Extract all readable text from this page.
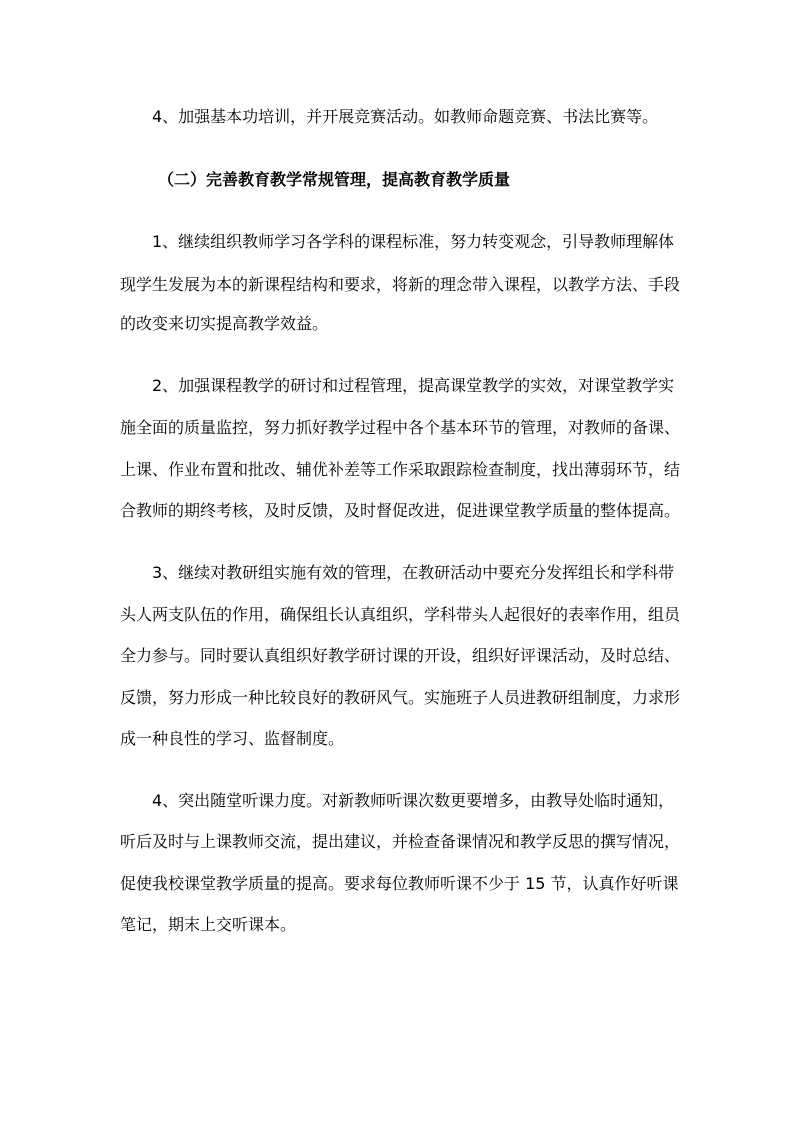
4、加强基本功培训，并开展竞赛活动。如教师命题竞赛、书法比赛等。

（二）完善教育教学常规管理，提高教育教学质量

1、继续组织教师学习各学科的课程标准，努力转变观念，引导教师理解体

现学生发展为本的新课程结构和要求，将新的理念带入课程，以教学方法、手段

的改变来切实提高教学效益。

2、加强课程教学的研讨和过程管理，提高课堂教学的实效，对课堂教学实

施全面的质量监控，努力抓好教学过程中各个基本环节的管理，对教师的备课、

上课、作业布置和批改、辅优补差等工作采取跟踪检查制度，找出薄弱环节，结

合教师的期终考核，及时反馈，及时督促改进，促进课堂教学质量的整体提高。

3、继续对教研组实施有效的管理，在教研活动中要充分发挥组长和学科带

头人两支队伍的作用，确保组长认真组织，学科带头人起很好的表率作用，组员

全力参与。同时要认真组织好教学研讨课的开设，组织好评课活动，及时总结、

反馈，努力形成一种比较良好的教研风气。实施班子人员进教研组制度，力求形

成一种良性的学习、监督制度。

4、突出随堂听课力度。对新教师听课次数更要增多，由教导处临时通知，

听后及时与上课教师交流，提出建议，并检查备课情况和教学反思的撰写情况，

促使我校课堂教学质量的提高。要求每位教师听课不少于 15 节，认真作好听课

笔记，期末上交听课本。
